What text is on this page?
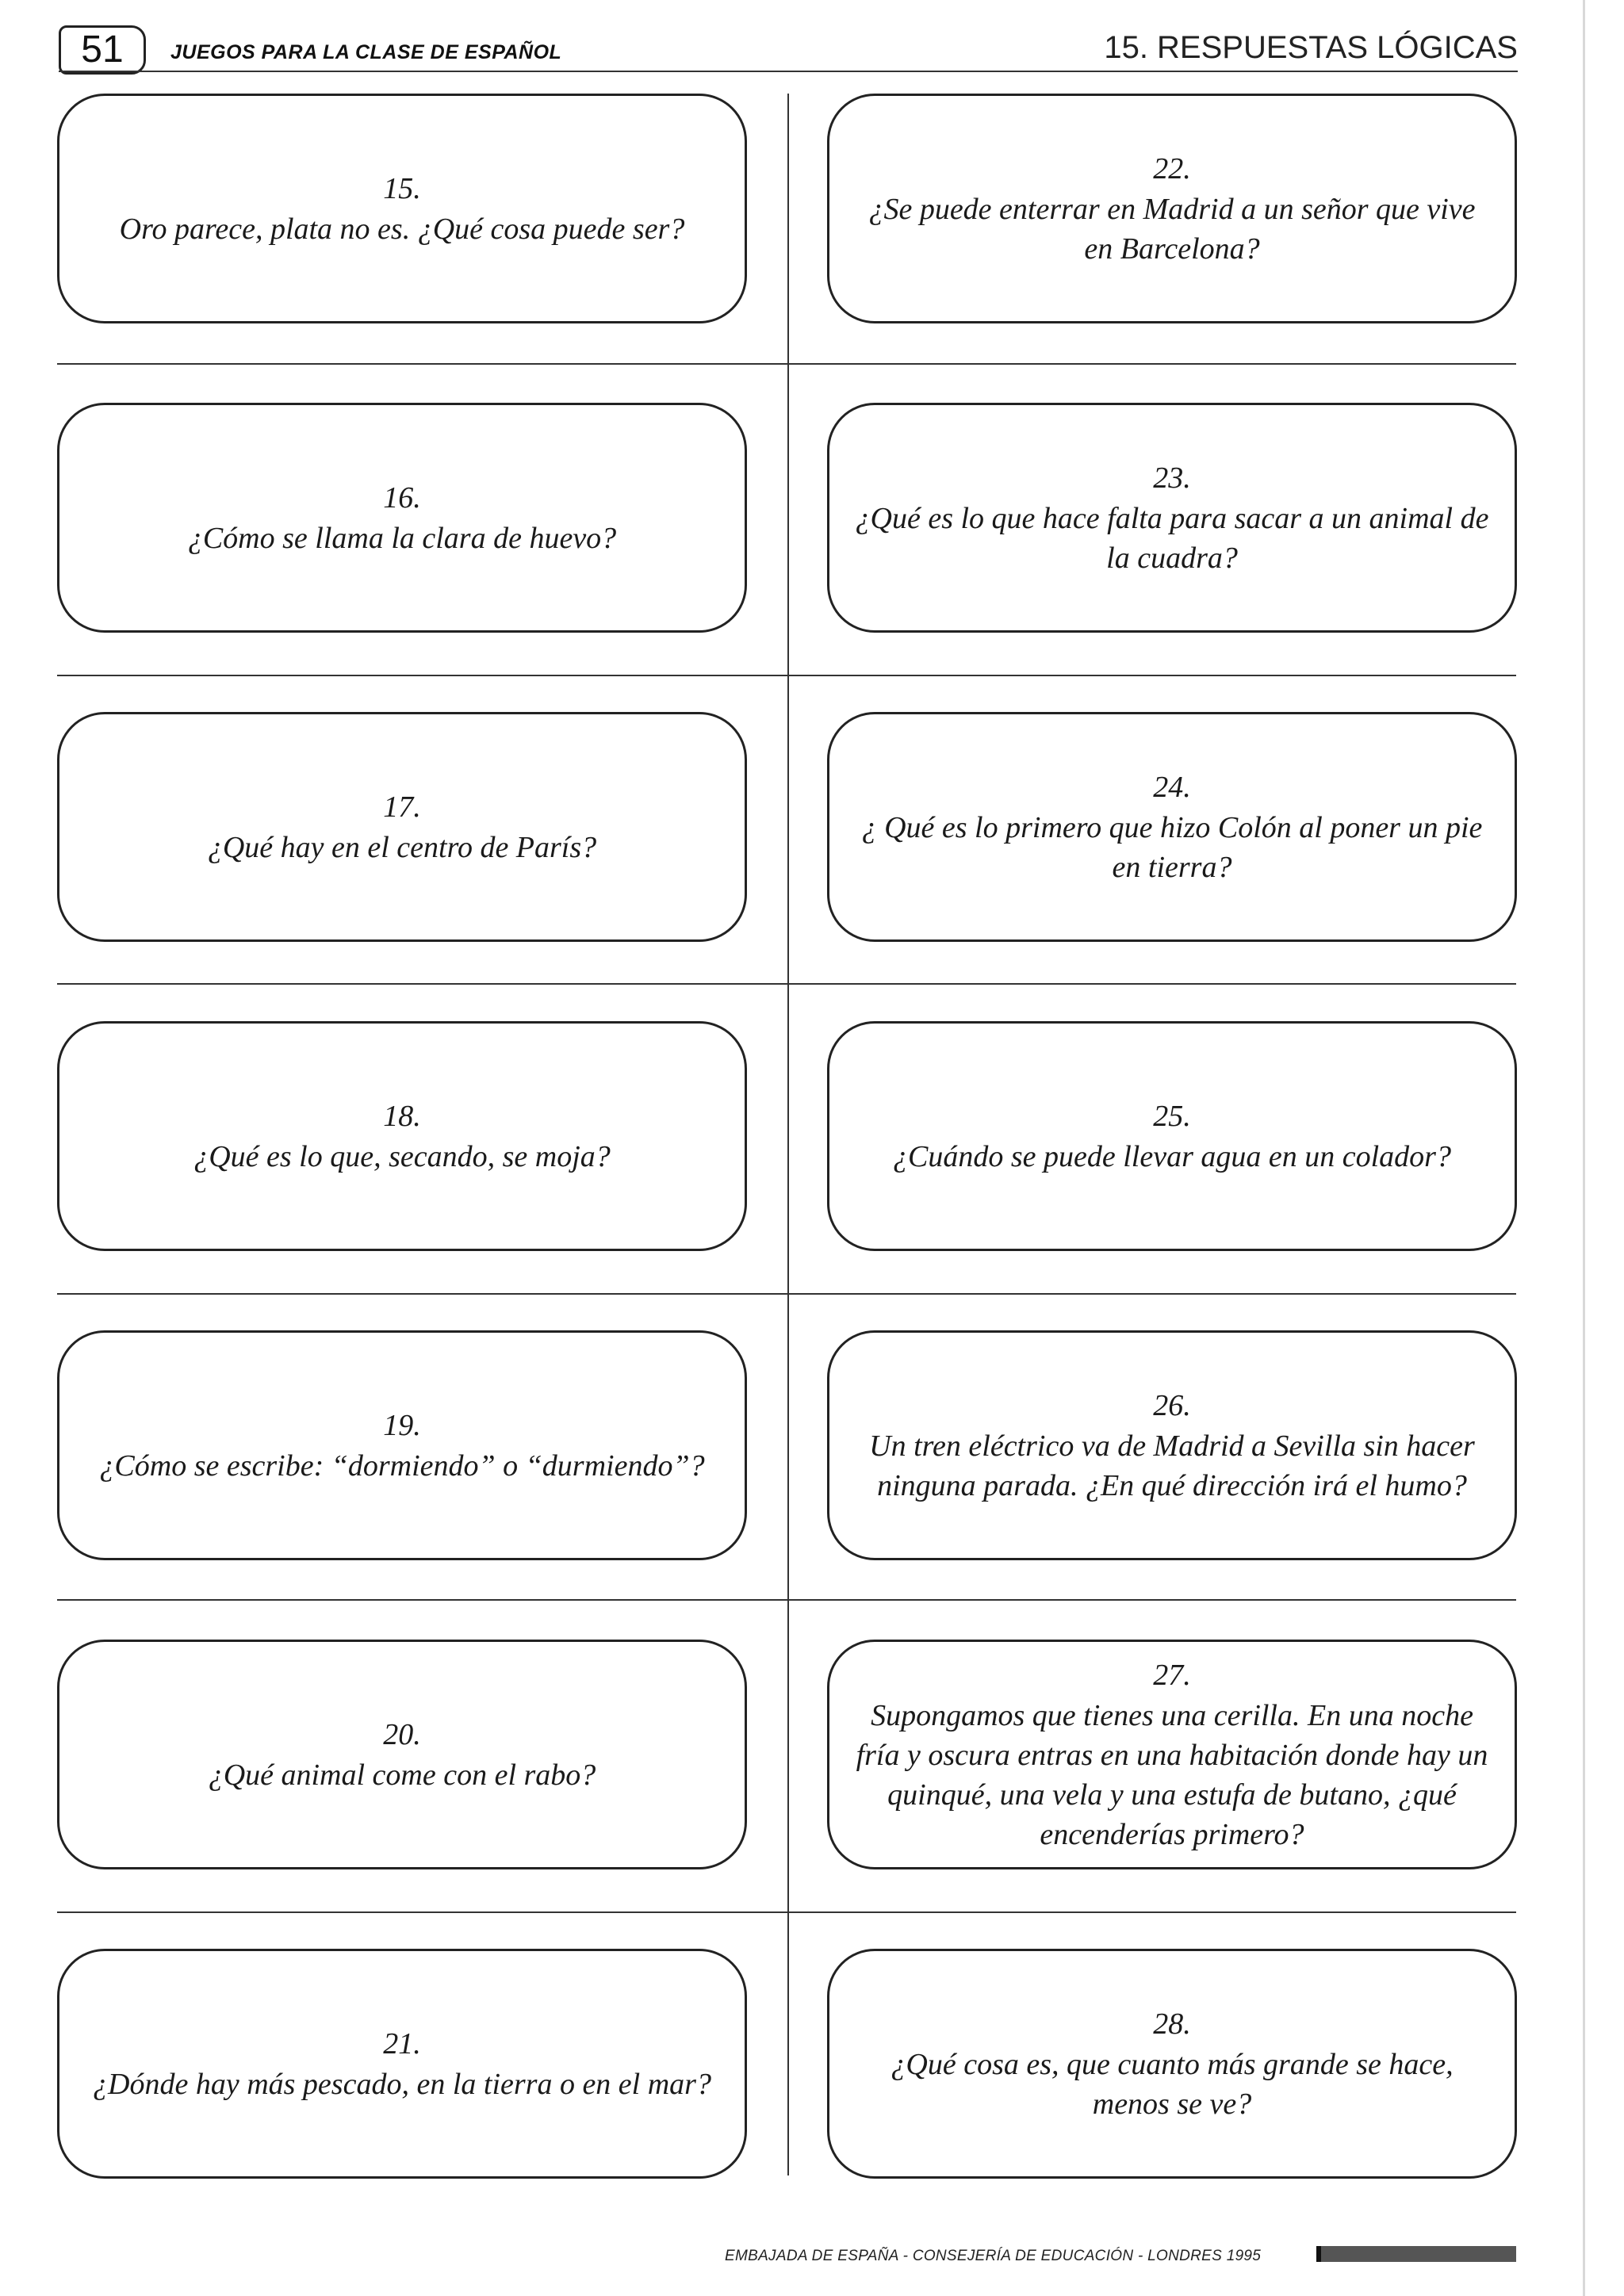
51	JUEGOS PARA LA CLASE DE ESPAÑOL	15. RESPUESTAS LÓGICAS
15.
Oro parece, plata no es. ¿Qué cosa puede ser?
22.
¿Se puede enterrar en Madrid a un señor que vive en Barcelona?
16.
¿Cómo se llama la clara de huevo?
23.
¿Qué es lo que hace falta para sacar a un animal de la cuadra?
17.
¿Qué hay en el centro de París?
24.
¿ Qué es lo primero que hizo Colón al poner un pie en tierra?
18.
¿Qué es lo que, secando, se moja?
25.
¿Cuándo se puede llevar agua en un colador?
19.
¿Cómo se escribe: “dormiendo” o “durmiendo”?
26.
Un tren eléctrico va de Madrid a Sevilla sin hacer ninguna parada. ¿En qué dirección irá el humo?
20.
¿Qué animal come con el rabo?
27.
Supongamos que tienes una cerilla. En una noche fría y oscura entras en una habitación donde hay un quinqué, una vela y una estufa de butano, ¿qué encenderías primero?
21.
¿Dónde hay más pescado, en la tierra o en el mar?
28.
¿Qué cosa es, que cuanto más grande se hace, menos se ve?
EMBAJADA DE ESPAÑA - CONSEJERÍA DE EDUCACIÓN - LONDRES 1995
